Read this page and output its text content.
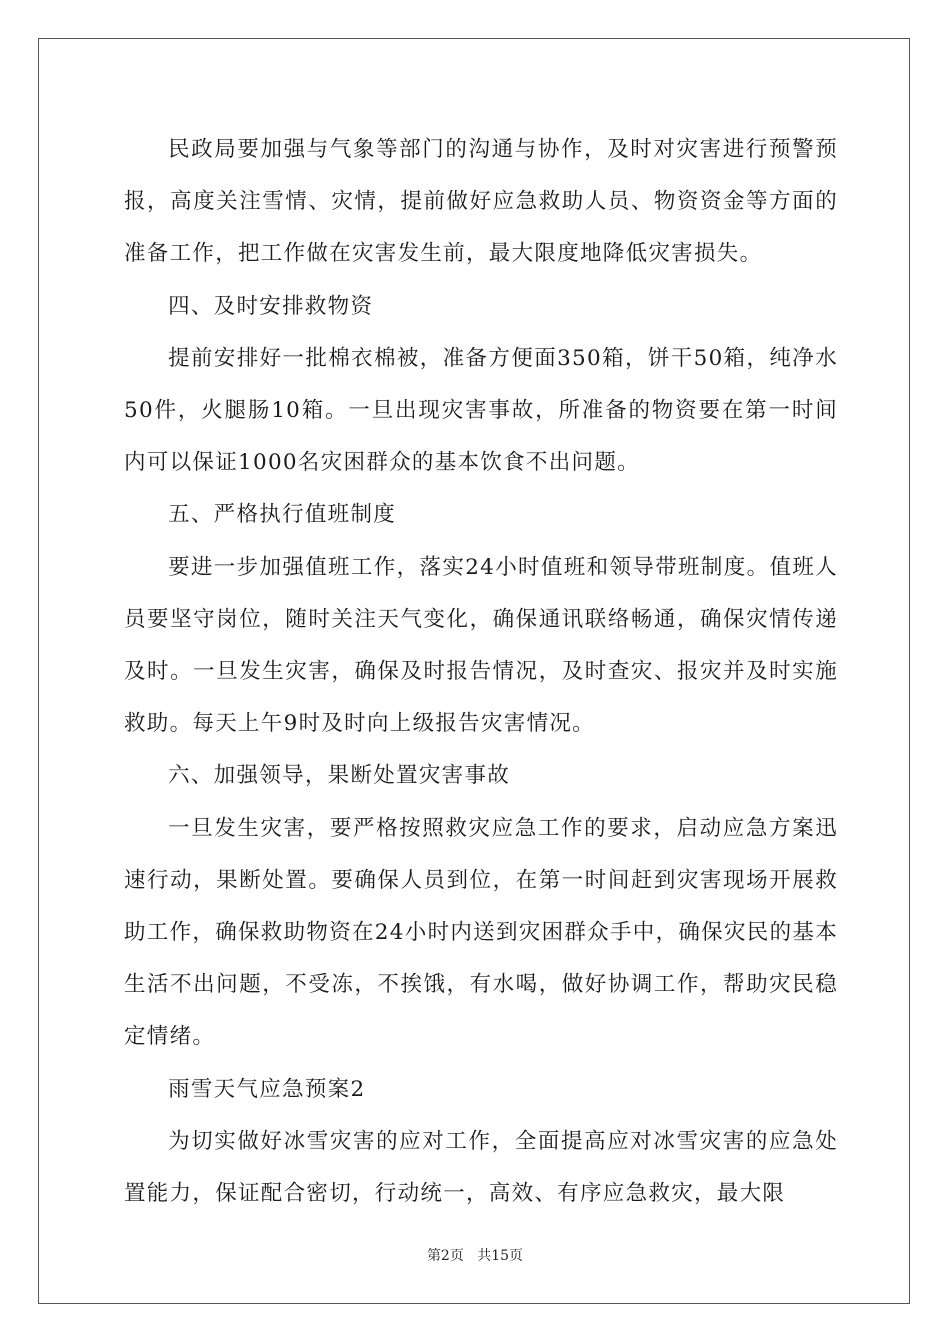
民政局要加强与气象等部门的沟通与协作，及时对灾害进行预警预报，高度关注雪情、灾情，提前做好应急救助人员、物资资金等方面的准备工作，把工作做在灾害发生前，最大限度地降低灾害损失。

四、及时安排救物资

提前安排好一批棉衣棉被，准备方便面350箱，饼干50箱，纯净水50件，火腿肠10箱。一旦出现灾害事故，所准备的物资要在第一时间内可以保证1000名灾困群众的基本饮食不出问题。

五、严格执行值班制度

要进一步加强值班工作，落实24小时值班和领导带班制度。值班人员要坚守岗位，随时关注天气变化，确保通讯联络畅通，确保灾情传递及时。一旦发生灾害，确保及时报告情况，及时查灾、报灾并及时实施救助。每天上午9时及时向上级报告灾害情况。

六、加强领导，果断处置灾害事故

一旦发生灾害，要严格按照救灾应急工作的要求，启动应急方案迅速行动，果断处置。要确保人员到位，在第一时间赶到灾害现场开展救助工作，确保救助物资在24小时内送到灾困群众手中，确保灾民的基本生活不出问题，不受冻，不挨饿，有水喝，做好协调工作，帮助灾民稳定情绪。

雨雪天气应急预案2

为切实做好冰雪灾害的应对工作，全面提高应对冰雪灾害的应急处置能力，保证配合密切，行动统一，高效、有序应急救灾，最大限

第2页 共15页
